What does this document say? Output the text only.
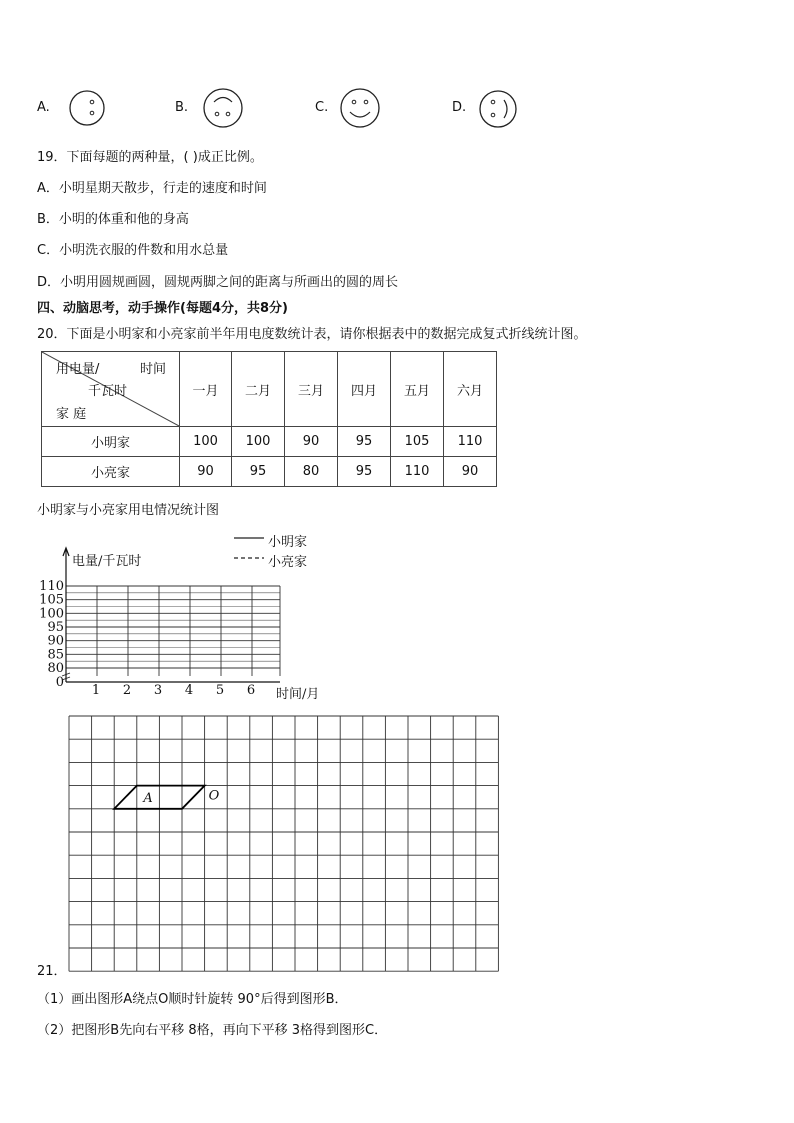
A.	B.	C.	D.
19．下面每题的两种量，( )成正比例。
A．小明星期天散步，行走的速度和时间
B．小明的体重和他的身高
C．小明洗衣服的件数和用水总量
D．小明用圆规画圆，圆规两脚之间的距离与所画出的圆的周长
四、动脑思考，动手操作(每题4分，共8分)
20．下面是小明家和小亮家前半年用电度数统计表，请你根据表中的数据完成复式折线统计图。
用电量/ 时间
千瓦时
家 庭	一月	二月	三月	四月	五月	六月
小明家	100	100	90	95	105	110
小亮家	90	95	80	95	110	90
小明家与小亮家用电情况统计图
80
85
90
95
100
105
110
0
电量/千瓦时
时间/月
1 2 3 4 5 6
小明家
小亮家
A	O
21．
（1）画出图形A绕点O顺时针旋转 90°后得到图形B．
（2）把图形B先向右平移 8格，再向下平移 3格得到图形C．
